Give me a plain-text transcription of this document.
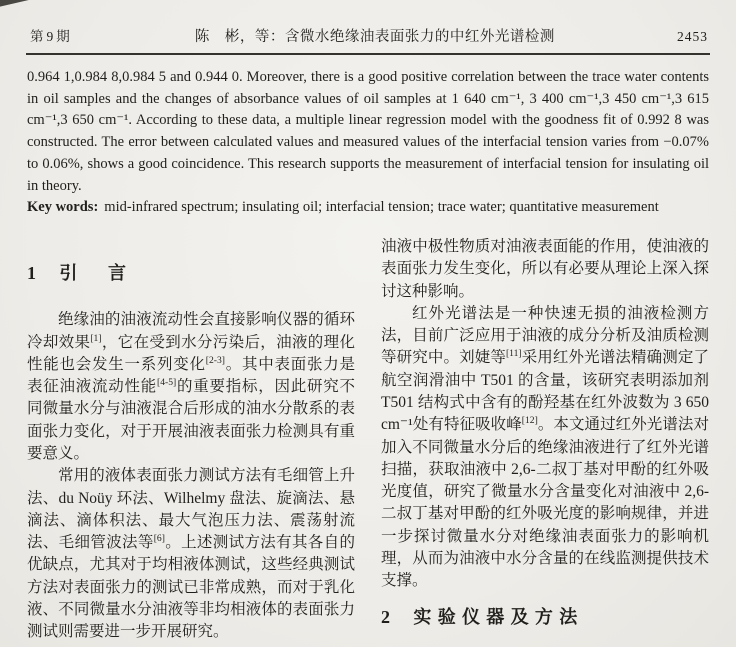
第9期	陈　彬，等：含微水绝缘油表面张力的中红外光谱检测	2453

0.964 1,0.984 8,0.984 5 and 0.944 0. Moreover, there is a good positive correlation between the trace water contents in oil samples and the changes of absorbance values of oil samples at 1 640 cm⁻¹, 3 400 cm⁻¹,3 450 cm⁻¹,3 615 cm⁻¹,3 650 cm⁻¹. According to these data, a multiple linear regression model with the goodness fit of 0.992 8 was constructed. The error between calculated values and measured values of the interfacial tension varies from −0.07% to 0.06%, shows a good coincidence. This research supports the measurement of interfacial tension for insulating oil in theory.

Key words: mid-infrared spectrum; insulating oil; interfacial tension; trace water; quantitative measurement

1 引　言

绝缘油的油液流动性会直接影响仪器的循环冷却效果[1]，它在受到水分污染后，油液的理化性能也会发生一系列变化[2-3]。其中表面张力是表征油液流动性能[4-5]的重要指标，因此研究不同微量水分与油液混合后形成的油水分散系的表面张力变化，对于开展油液表面张力检测具有重要意义。

常用的液体表面张力测试方法有毛细管上升法、du Noüy 环法、Wilhelmy 盘法、旋滴法、悬滴法、滴体积法、最大气泡压力法、震荡射流法、毛细管波法等[6]。上述测试方法有其各自的优缺点，尤其对于均相液体测试，这些经典测试方法对表面张力的测试已非常成熟，而对于乳化液、不同微量水分油液等非均相液体的表面张力测试则需要进一步开展研究。

油液中极性物质对油液表面能的作用，使油液的表面张力发生变化，所以有必要从理论上深入探讨这种影响。

红外光谱法是一种快速无损的油液检测方法，目前广泛应用于油液的成分分析及油质检测等研究中。刘婕等[11]采用红外光谱法精确测定了航空润滑油中 T501 的含量，该研究表明添加剂 T501 结构式中含有的酚羟基在红外波数为 3 650 cm⁻¹处有特征吸收峰[12]。本文通过红外光谱法对加入不同微量水分后的绝缘油液进行了红外光谱扫描，获取油液中 2,6-二叔丁基对甲酚的红外吸光度值，研究了微量水分含量变化对油液中 2,6-二叔丁基对甲酚的红外吸光度的影响规律，并进一步探讨微量水分对绝缘油表面张力的影响机理，从而为油液中水分含量的在线监测提供技术支撑。

2 实验仪器及方法
